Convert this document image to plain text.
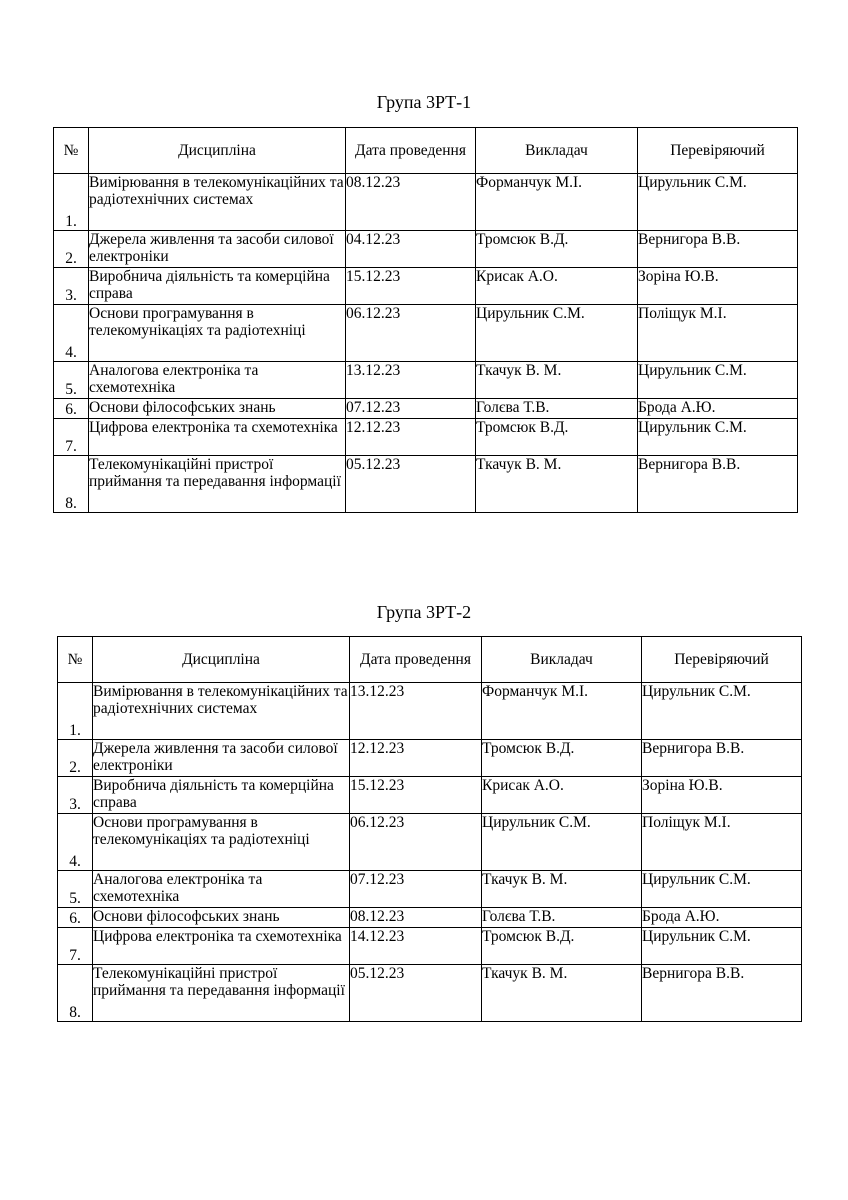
Група 3РТ-1
№	Дисципліна	Дата проведення	Викладач	Перевіряючий
1.	Вимірювання в телекомунікаційних та радіотехнічних системах	08.12.23	Форманчук М.І.	Цирульник С.М.
2.	Джерела живлення та засоби силової електроніки	04.12.23	Тромсюк В.Д.	Вернигора В.В.
3.	Виробнича діяльність та комерційна справа	15.12.23	Крисак А.О.	Зоріна Ю.В.
4.	Основи програмування в телекомунікаціях та радіотехніці	06.12.23	Цирульник С.М.	Поліщук М.І.
5.	Аналогова електроніка та схемотехніка	13.12.23	Ткачук В. М.	Цирульник С.М.
6.	Основи філософських знань	07.12.23	Голєва Т.В.	Брода А.Ю.
7.	Цифрова електроніка та схемотехніка	12.12.23	Тромсюк В.Д.	Цирульник С.М.
8.	Телекомунікаційні пристрої приймання та передавання інформації	05.12.23	Ткачук В. М.	Вернигора В.В.
Група 3РТ-2
№	Дисципліна	Дата проведення	Викладач	Перевіряючий
1.	Вимірювання в телекомунікаційних та радіотехнічних системах	13.12.23	Форманчук М.І.	Цирульник С.М.
2.	Джерела живлення та засоби силової електроніки	12.12.23	Тромсюк В.Д.	Вернигора В.В.
3.	Виробнича діяльність та комерційна справа	15.12.23	Крисак А.О.	Зоріна Ю.В.
4.	Основи програмування в телекомунікаціях та радіотехніці	06.12.23	Цирульник С.М.	Поліщук М.І.
5.	Аналогова електроніка та схемотехніка	07.12.23	Ткачук В. М.	Цирульник С.М.
6.	Основи філософських знань	08.12.23	Голєва Т.В.	Брода А.Ю.
7.	Цифрова електроніка та схемотехніка	14.12.23	Тромсюк В.Д.	Цирульник С.М.
8.	Телекомунікаційні пристрої приймання та передавання інформації	05.12.23	Ткачук В. М.	Вернигора В.В.
